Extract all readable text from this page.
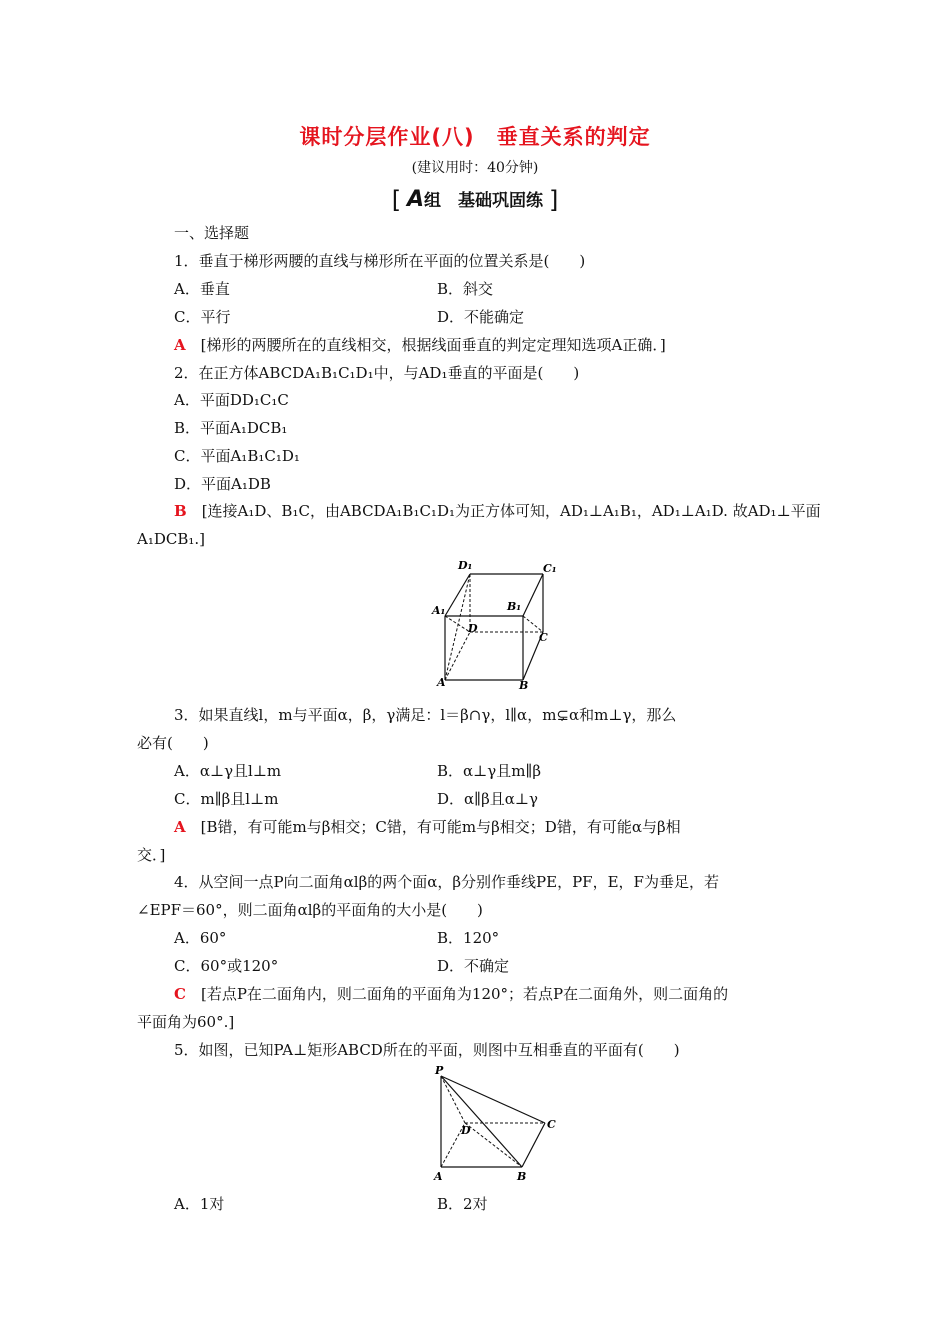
课时分层作业(八)　垂直关系的判定
(建议用时：40分钟)
[ A组　基础巩固练 ]
一、选择题
1．垂直于梯形两腰的直线与梯形所在平面的位置关系是(　　)
A．垂直	B．斜交
C．平行	D．不能确定
A　 [梯形的两腰所在的直线相交，根据线面垂直的判定定理知选项A正确．]
2．在正方体ABCDA₁B₁C₁D₁中，与AD₁垂直的平面是(　　)
A．平面DD₁C₁C
B．平面A₁DCB₁
C．平面A₁B₁C₁D₁
D．平面A₁DB
B　 [连接A₁D、B₁C，由ABCDA₁B₁C₁D₁为正方体可知，AD₁⊥A₁B₁，AD₁⊥A₁D. 故AD₁⊥平面
A₁DCB₁.]
D₁	C₁
A₁	B₁
D
C
A	B
3．如果直线l，m与平面α，β，γ满足：l＝β∩γ，l∥α，m⊊α和m⊥γ，那么
必有(　　)
A．α⊥γ且l⊥m	B．α⊥γ且m∥β
C．m∥β且l⊥m	D．α∥β且α⊥γ
A　 [B错，有可能m与β相交；C错，有可能m与β相交；D错，有可能α与β相
交．]
4．从空间一点P向二面角αlβ的两个面α，β分别作垂线PE，PF，E，F为垂足，若
∠EPF＝60°，则二面角αlβ的平面角的大小是(　　)
A．60°	B．120°
C．60°或120°	D．不确定
C　 [若点P在二面角内，则二面角的平面角为120°；若点P在二面角外，则二面角的
平面角为60°.]
5．如图，已知PA⊥矩形ABCD所在的平面，则图中互相垂直的平面有(　　)
P
D	C
A	B
A．1对	B．2对
